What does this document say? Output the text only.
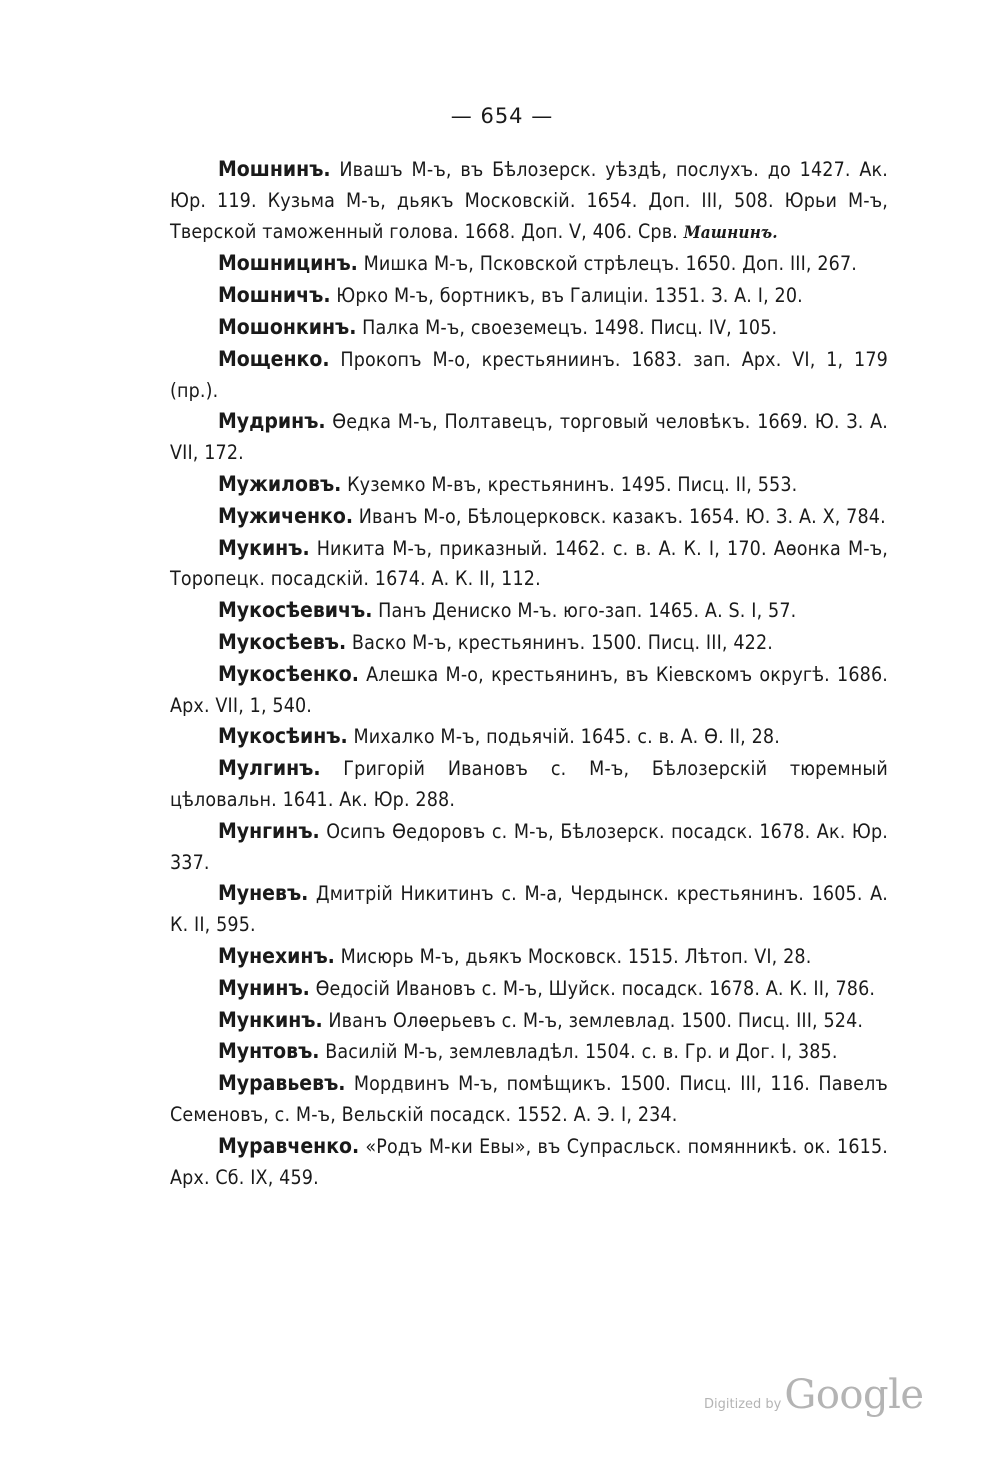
— 654 —

Мошнинъ. Ивашъ М-ъ, въ Бѣлозерск. уѣздѣ, послухъ. до 1427. Ак. Юр. 119. Кузьма М-ъ, дьякъ Московскій. 1654. Доп. III, 508. Юрьи М-ъ, Тверской таможенный голова. 1668. Доп. V, 406. Срв. Машнинъ.

Мошницинъ. Мишка М-ъ, Псковской стрѣлецъ. 1650. Доп. III, 267.

Мошничъ. Юрко М-ъ, бортникъ, въ Галиціи. 1351. З. А. I, 20.

Мошонкинъ. Палка М-ъ, своеземецъ. 1498. Писц. IV, 105.

Мощенко. Прокопъ М-о, крестьяниинъ. 1683. зап. Арх. VI, 1, 179 (пр.).

Мудринъ. Ѳедка М-ъ, Полтавецъ, торговый человѣкъ. 1669. Ю. З. А. VII, 172.

Мужиловъ. Куземко М-въ, крестьянинъ. 1495. Писц. II, 553.

Мужиченко. Иванъ М-о, Бѣлоцерковск. казакъ. 1654. Ю. З. А. X, 784.

Мукинъ. Никита М-ъ, приказный. 1462. с. в. А. К. I, 170. Аѳонка М-ъ, Торопецк. посадскій. 1674. А. К. II, 112.

Мукосѣевичъ. Панъ Дениско М-ъ. юго-зап. 1465. А. S. I, 57.

Мукосѣевъ. Васко М-ъ, крестьянинъ. 1500. Писц. III, 422.

Мукосѣенко. Алешка М-о, крестьянинъ, въ Кіевскомъ округѣ. 1686. Арх. VII, 1, 540.

Мукосѣинъ. Михалко М-ъ, подьячій. 1645. с. в. А. Ѳ. II, 28.

Мулгинъ. Григорій Ивановъ с. М-ъ, Бѣлозерскій тюремный цѣловальн. 1641. Ак. Юр. 288.

Мунгинъ. Осипъ Ѳедоровъ с. М-ъ, Бѣлозерск. посадск. 1678. Ак. Юр. 337.

Муневъ. Дмитрій Никитинъ с. М-а, Чердынск. крестьянинъ. 1605. А. К. II, 595.

Мунехинъ. Мисюрь М-ъ, дьякъ Московск. 1515. Лѣтоп. VI, 28.

Мунинъ. Ѳедосій Ивановъ с. М-ъ, Шуйск. посадск. 1678. А. К. II, 786.

Мункинъ. Иванъ Олѳерьевъ с. М-ъ, землевлад. 1500. Писц. III, 524.

Мунтовъ. Василій М-ъ, землевладѣл. 1504. с. в. Гр. и Дог. I, 385.

Муравьевъ. Мордвинъ М-ъ, помѣщикъ. 1500. Писц. III, 116. Павелъ Семеновъ, с. М-ъ, Вельскій посадск. 1552. А. Э. I, 234.

Муравченко. «Родъ М-ки Евы», въ Супрасльск. помянникѣ. ок. 1615. Арх. Сб. IX, 459.

Digitized by Google
